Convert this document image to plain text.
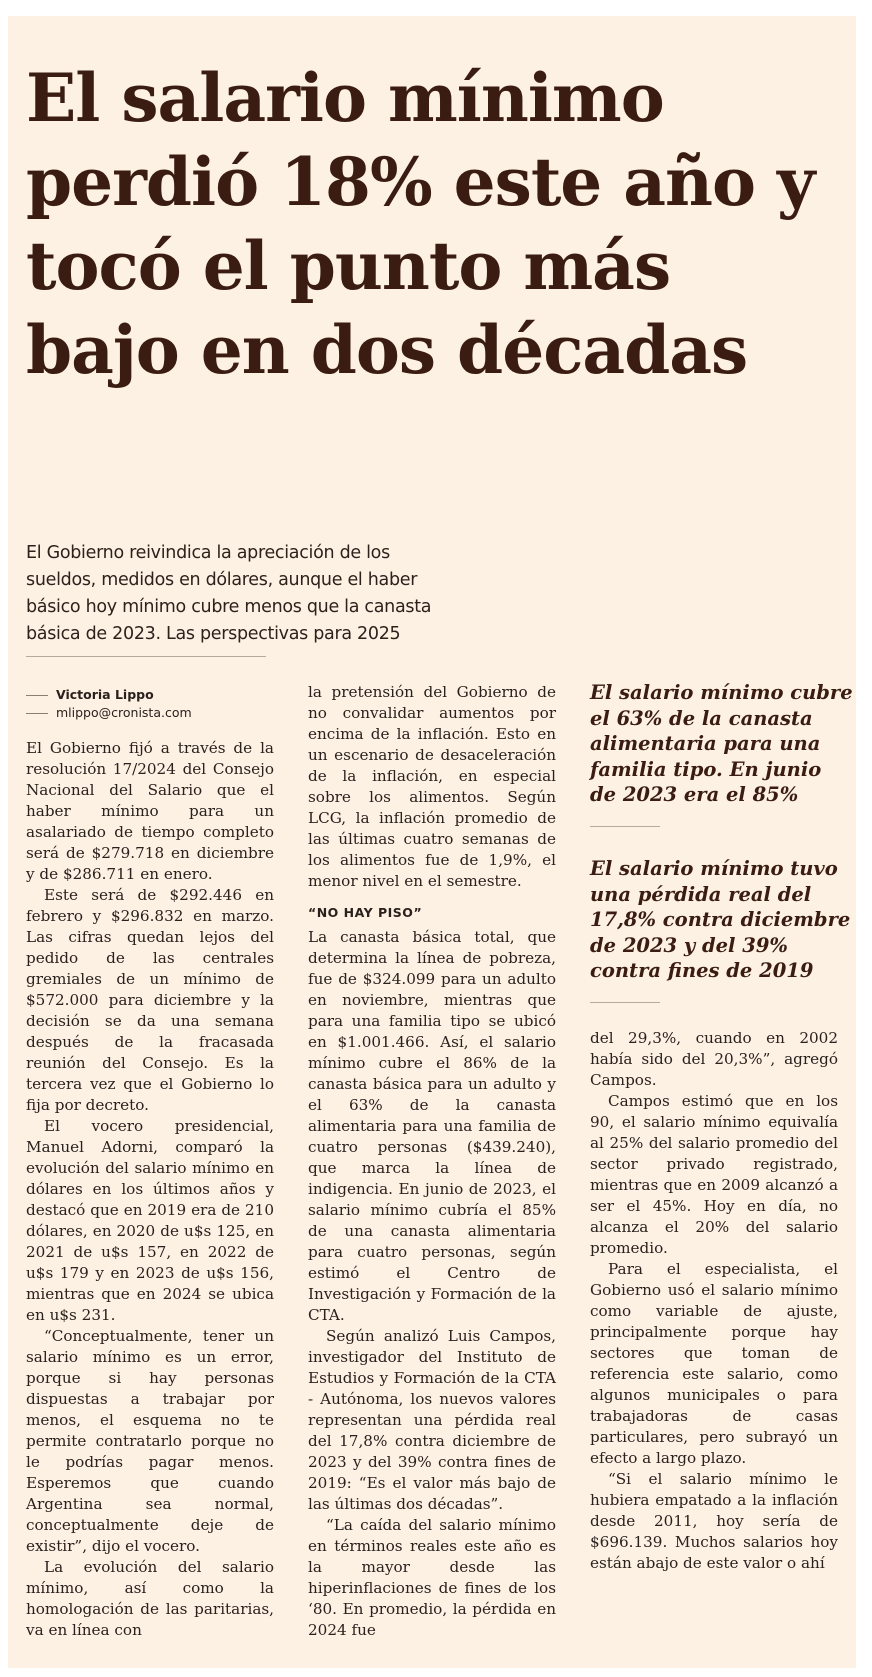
El salario mínimo
perdió 18% este año y
tocó el punto más
bajo en dos décadas
El Gobierno reivindica la apreciación de los
sueldos, medidos en dólares, aunque el haber
básico hoy mínimo cubre menos que la canasta
básica de 2023. Las perspectivas para 2025
Victoria Lippo
mlippo@cronista.com

El Gobierno fijó a través de la resolución 17/2024 del Consejo Nacional del Salario que el haber mínimo para un asalariado de tiempo completo será de $279.718 en diciembre y de $286.711 en enero.

Este será de $292.446 en febrero y $296.832 en marzo. Las cifras quedan lejos del pedido de las centrales gremiales de un mínimo de $572.000 para diciembre y la decisión se da una semana después de la fracasada reunión del Consejo. Es la tercera vez que el Gobierno lo fija por decreto.

El vocero presidencial, Manuel Adorni, comparó la evolución del salario mínimo en dólares en los últimos años y destacó que en 2019 era de 210 dólares, en 2020 de u$s 125, en 2021 de u$s 157, en 2022 de u$s 179 y en 2023 de u$s 156, mientras que en 2024 se ubica en u$s 231.

“Conceptualmente, tener un salario mínimo es un error, porque si hay personas dispuestas a trabajar por menos, el esquema no te permite contratarlo porque no le podrías pagar menos. Esperemos que cuando Argentina sea normal, conceptualmente deje de existir”, dijo el vocero.

La evolución del salario mínimo, así como la homologación de las paritarias, va en línea con

la pretensión del Gobierno de no convalidar aumentos por encima de la inflación. Esto en un escenario de desaceleración de la inflación, en especial sobre los alimentos. Según LCG, la inflación promedio de las últimas cuatro semanas de los alimentos fue de 1,9%, el menor nivel en el semestre.

“NO HAY PISO”

La canasta básica total, que determina la línea de pobreza, fue de $324.099 para un adulto en noviembre, mientras que para una familia tipo se ubicó en $1.001.466. Así, el salario mínimo cubre el 86% de la canasta básica para un adulto y el 63% de la canasta alimentaria para una familia de cuatro personas ($439.240), que marca la línea de indigencia. En junio de 2023, el salario mínimo cubría el 85% de una canasta alimentaria para cuatro personas, según estimó el Centro de Investigación y Formación de la CTA.

Según analizó Luis Campos, investigador del Instituto de Estudios y Formación de la CTA - Autónoma, los nuevos valores representan una pérdida real del 17,8% contra diciembre de 2023 y del 39% contra fines de 2019: “Es el valor más bajo de las últimas dos décadas”.

“La caída del salario mínimo en términos reales este año es la mayor desde las hiperinflaciones de fines de los ‘80. En promedio, la pérdida en 2024 fue

El salario mínimo cubre
el 63% de la canasta
alimentaria para una
familia tipo. En junio
de 2023 era el 85%
El salario mínimo tuvo
una pérdida real del
17,8% contra diciembre
de 2023 y del 39%
contra fines de 2019

del 29,3%, cuando en 2002 había sido del 20,3%”, agregó Campos.

Campos estimó que en los 90, el salario mínimo equivalía al 25% del salario promedio del sector privado registrado, mientras que en 2009 alcanzó a ser el 45%. Hoy en día, no alcanza el 20% del salario promedio.

Para el especialista, el Gobierno usó el salario mínimo como variable de ajuste, principalmente porque hay sectores que toman de referencia este salario, como algunos municipales o para trabajadoras de casas particulares, pero subrayó un efecto a largo plazo.

“Si el salario mínimo le hubiera empatado a la inflación desde 2011, hoy sería de $696.139. Muchos salarios hoy están abajo de este valor o ahí
